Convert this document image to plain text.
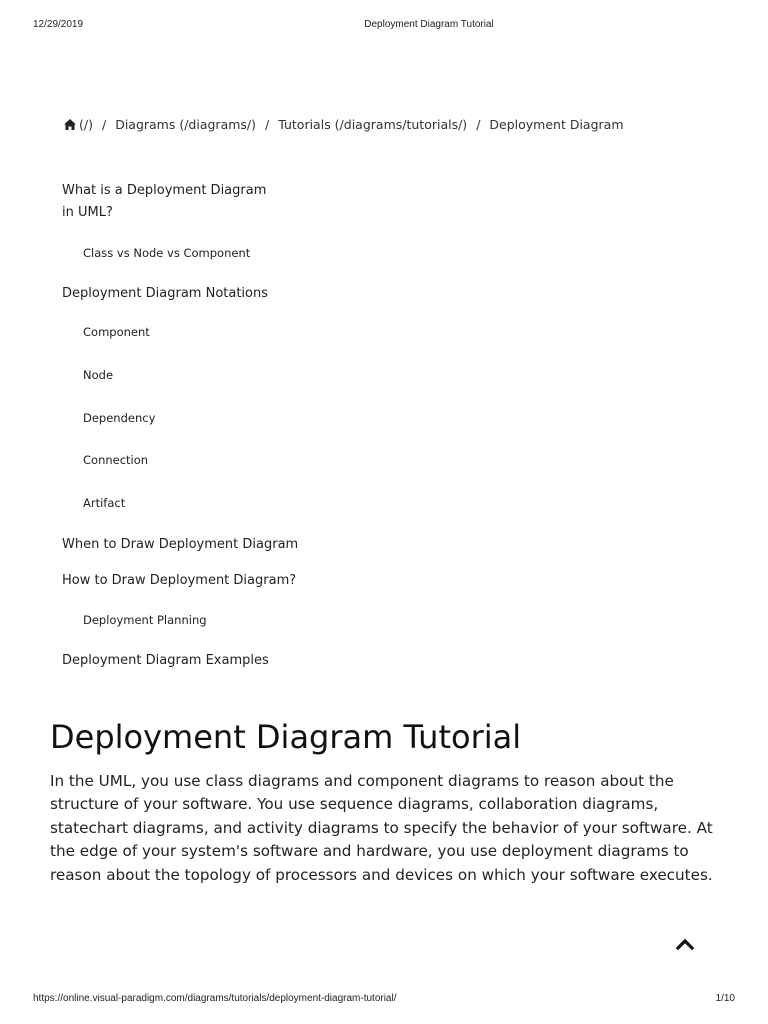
12/29/2019	Deployment Diagram Tutorial
(/) / Diagrams (/diagrams/) / Tutorials (/diagrams/tutorials/) / Deployment Diagram
What is a Deployment Diagram in UML?
Class vs Node vs Component
Deployment Diagram Notations
Component
Node
Dependency
Connection
Artifact
When to Draw Deployment Diagram
How to Draw Deployment Diagram?
Deployment Planning
Deployment Diagram Examples
Deployment Diagram Tutorial

In the UML, you use class diagrams and component diagrams to reason about the structure of your software. You use sequence diagrams, collaboration diagrams, statechart diagrams, and activity diagrams to specify the behavior of your software. At the edge of your system's software and hardware, you use deployment diagrams to reason about the topology of processors and devices on which your software executes.

https://online.visual-paradigm.com/diagrams/tutorials/deployment-diagram-tutorial/	1/10
